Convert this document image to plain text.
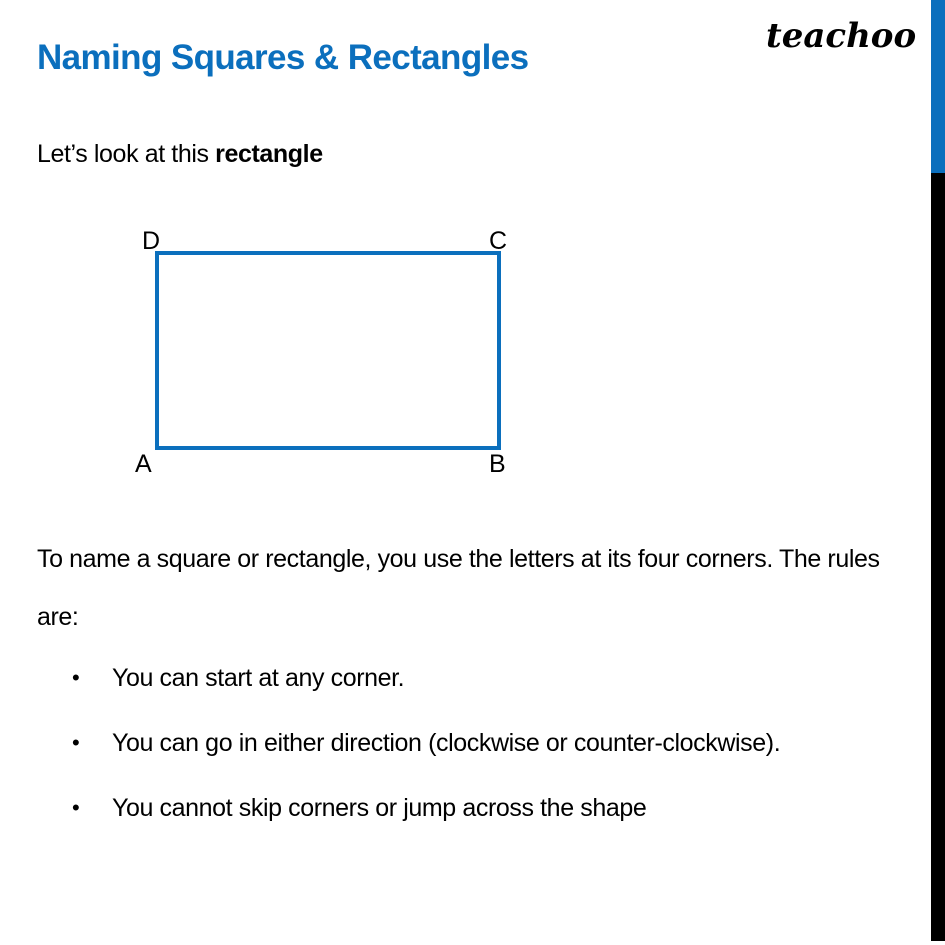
Naming Squares & Rectangles
teachoo
Let’s look at this rectangle
D	C
A	B
To name a square or rectangle, you use the letters at its four corners. The rules are:
• You can start at any corner.
• You can go in either direction (clockwise or counter-clockwise).
• You cannot skip corners or jump across the shape
